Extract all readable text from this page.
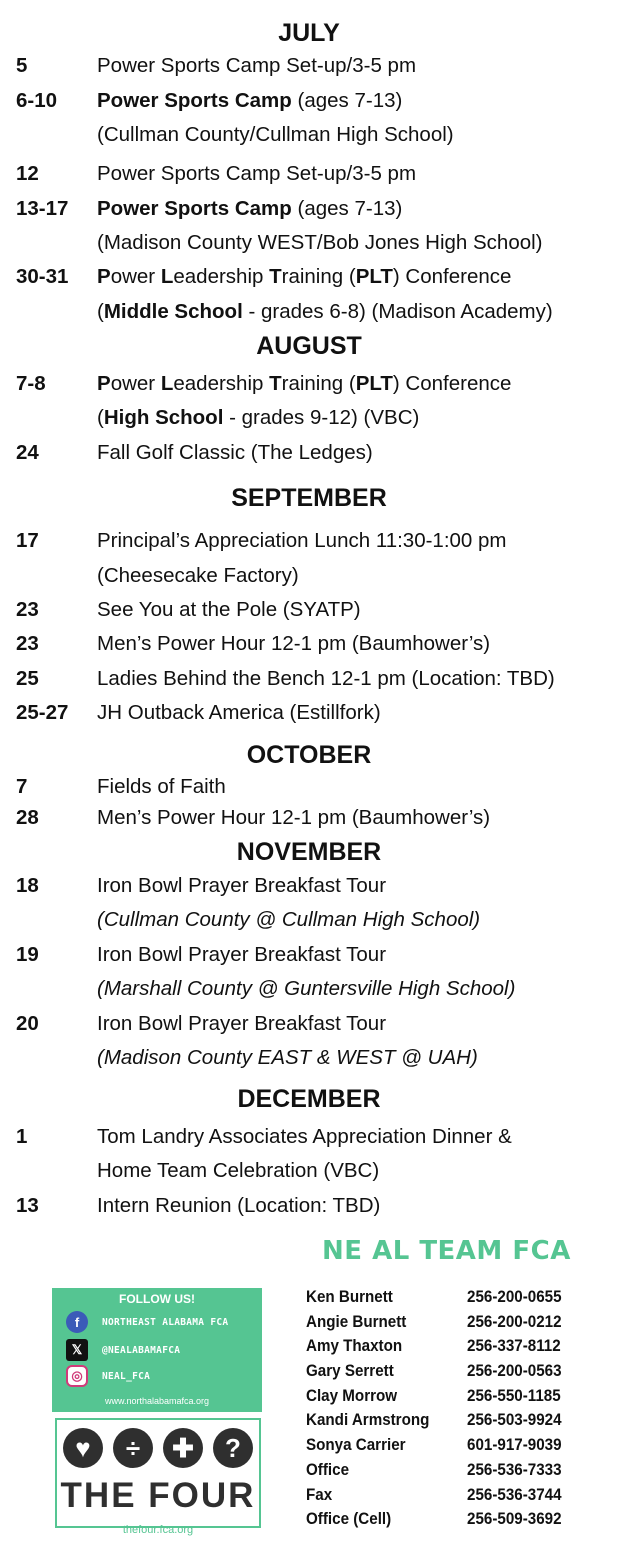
JULY
5	Power Sports Camp Set-up/3-5 pm
6-10 Power Sports Camp (ages 7-13)
(Cullman County/Cullman High School)
12	Power Sports Camp Set-up/3-5 pm
13-17 Power Sports Camp (ages 7-13)
(Madison County WEST/Bob Jones High School)
30-31 Power Leadership Training (PLT) Conference
(Middle School - grades 6-8) (Madison Academy)
AUGUST
7-8	Power Leadership Training (PLT) Conference
(High School - grades 9-12) (VBC)
24	Fall Golf Classic (The Ledges)
SEPTEMBER
17	Principal’s Appreciation Lunch 11:30-1:00 pm
(Cheesecake Factory)
23	See You at the Pole (SYATP)
23	Men’s Power Hour 12-1 pm (Baumhower’s)
25	Ladies Behind the Bench 12-1 pm (Location: TBD)
25-27 JH Outback America (Estillfork)
OCTOBER
7	Fields of Faith
28	Men’s Power Hour 12-1 pm (Baumhower’s)
NOVEMBER
18	Iron Bowl Prayer Breakfast Tour
(Cullman County @ Cullman High School)
19	Iron Bowl Prayer Breakfast Tour
(Marshall County @ Guntersville High School)
20	Iron Bowl Prayer Breakfast Tour
(Madison County EAST & WEST @ UAH)
DECEMBER
1	Tom Landry Associates Appreciation Dinner &
Home Team Celebration (VBC)
13	Intern Reunion (Location: TBD)
NE AL TEAM FCA
FOLLOW US!
f	NORTHEAST ALABAMA FCA
𝕏	@NEALABAMAFCA
◎	NEAL_FCA
www.northalabamafca.org
♥	÷	✚	?
THE FOUR
thefour.fca.org
Ken Burnett	256-200-0655
Angie Burnett	256-200-0212
Amy Thaxton	256-337-8112
Gary Serrett	256-200-0563
Clay Morrow	256-550-1185
Kandi Armstrong 256-503-9924
Sonya Carrier	601-917-9039
Office	256-536-7333
Fax	256-536-3744
Office (Cell)	256-509-3692
